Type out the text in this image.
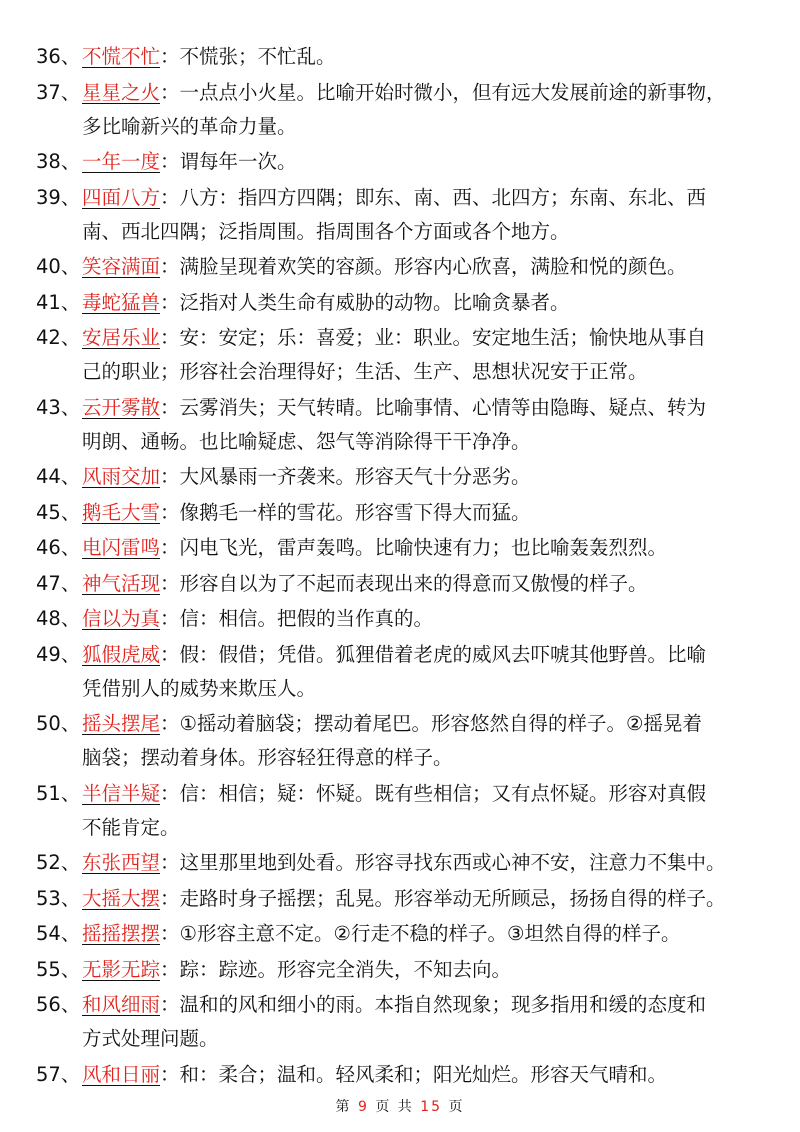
36、不慌不忙：不慌张；不忙乱。
37、星星之火：一点点小火星。比喻开始时微小，但有远大发展前途的新事物，
多比喻新兴的革命力量。
38、一年一度：谓每年一次。
39、四面八方：八方：指四方四隅；即东、南、西、北四方；东南、东北、西
南、西北四隅；泛指周围。指周围各个方面或各个地方。
40、笑容满面：满脸呈现着欢笑的容颜。形容内心欣喜，满脸和悦的颜色。
41、毒蛇猛兽：泛指对人类生命有威胁的动物。比喻贪暴者。
42、安居乐业：安：安定；乐：喜爱；业：职业。安定地生活；愉快地从事自
己的职业；形容社会治理得好；生活、生产、思想状况安于正常。
43、云开雾散：云雾消失；天气转晴。比喻事情、心情等由隐晦、疑点、转为
明朗、通畅。也比喻疑虑、怨气等消除得干干净净。
44、风雨交加：大风暴雨一齐袭来。形容天气十分恶劣。
45、鹅毛大雪：像鹅毛一样的雪花。形容雪下得大而猛。
46、电闪雷鸣：闪电飞光，雷声轰鸣。比喻快速有力；也比喻轰轰烈烈。
47、神气活现：形容自以为了不起而表现出来的得意而又傲慢的样子。
48、信以为真：信：相信。把假的当作真的。
49、狐假虎威：假：假借；凭借。狐狸借着老虎的威风去吓唬其他野兽。比喻
凭借别人的威势来欺压人。
50、摇头摆尾：①摇动着脑袋；摆动着尾巴。形容悠然自得的样子。②摇晃着
脑袋；摆动着身体。形容轻狂得意的样子。
51、半信半疑：信：相信；疑：怀疑。既有些相信；又有点怀疑。形容对真假
不能肯定。
52、东张西望：这里那里地到处看。形容寻找东西或心神不安，注意力不集中。
53、大摇大摆：走路时身子摇摆；乱晃。形容举动无所顾忌，扬扬自得的样子。
54、摇摇摆摆：①形容主意不定。②行走不稳的样子。③坦然自得的样子。
55、无影无踪：踪：踪迹。形容完全消失，不知去向。
56、和风细雨：温和的风和细小的雨。本指自然现象；现多指用和缓的态度和
方式处理问题。
57、风和日丽：和：柔合；温和。轻风柔和；阳光灿烂。形容天气晴和。
第 9 页 共 15 页
